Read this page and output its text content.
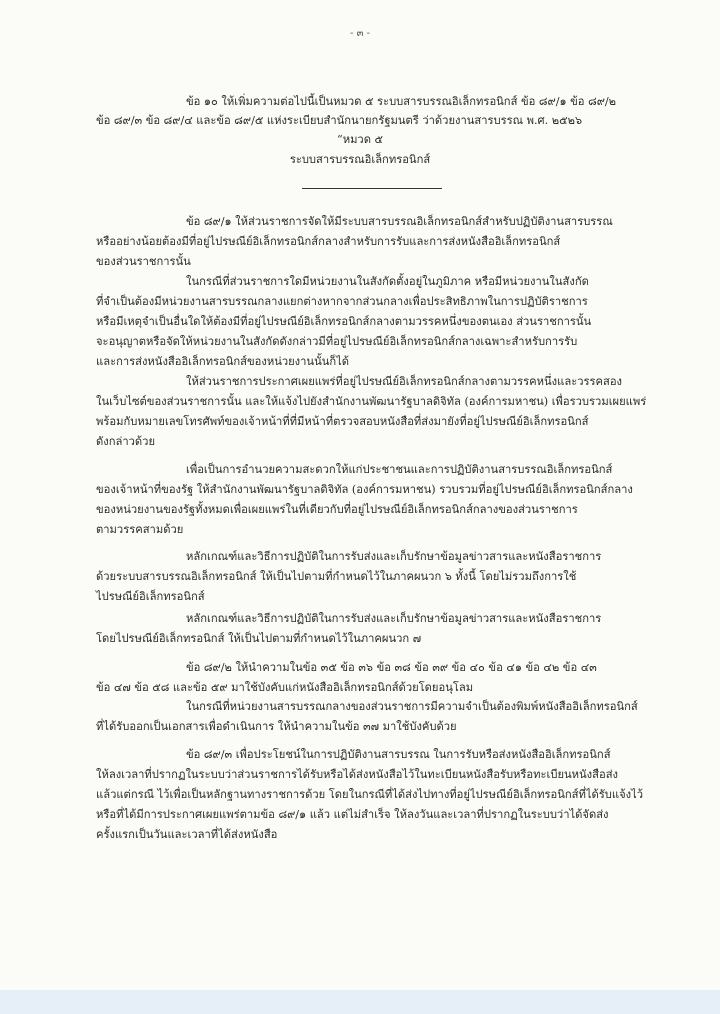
- ๓ -
ข้อ ๑๐ ให้เพิ่มความต่อไปนี้เป็นหมวด ๕ ระบบสารบรรณอิเล็กทรอนิกส์ ข้อ ๘๙/๑ ข้อ ๘๙/๒
ข้อ ๘๙/๓ ข้อ ๘๙/๔ และข้อ ๘๙/๕ แห่งระเบียบสำนักนายกรัฐมนตรี ว่าด้วยงานสารบรรณ พ.ศ. ๒๕๒๖
“หมวด ๕
ระบบสารบรรณอิเล็กทรอนิกส์
ข้อ ๘๙/๑ ให้ส่วนราชการจัดให้มีระบบสารบรรณอิเล็กทรอนิกส์สำหรับปฏิบัติงานสารบรรณ
หรืออย่างน้อยต้องมีที่อยู่ไปรษณีย์อิเล็กทรอนิกส์กลางสำหรับการรับและการส่งหนังสืออิเล็กทรอนิกส์
ของส่วนราชการนั้น
ในกรณีที่ส่วนราชการใดมีหน่วยงานในสังกัดตั้งอยู่ในภูมิภาค หรือมีหน่วยงานในสังกัด
ที่จำเป็นต้องมีหน่วยงานสารบรรณกลางแยกต่างหากจากส่วนกลางเพื่อประสิทธิภาพในการปฏิบัติราชการ
หรือมีเหตุจำเป็นอื่นใดให้ต้องมีที่อยู่ไปรษณีย์อิเล็กทรอนิกส์กลางตามวรรคหนึ่งของตนเอง ส่วนราชการนั้น
จะอนุญาตหรือจัดให้หน่วยงานในสังกัดดังกล่าวมีที่อยู่ไปรษณีย์อิเล็กทรอนิกส์กลางเฉพาะสำหรับการรับ
และการส่งหนังสืออิเล็กทรอนิกส์ของหน่วยงานนั้นก็ได้
ให้ส่วนราชการประกาศเผยแพร่ที่อยู่ไปรษณีย์อิเล็กทรอนิกส์กลางตามวรรคหนึ่งและวรรคสอง
ในเว็บไซต์ของส่วนราชการนั้น และให้แจ้งไปยังสำนักงานพัฒนารัฐบาลดิจิทัล (องค์การมหาชน) เพื่อรวบรวมเผยแพร่
พร้อมกับหมายเลขโทรศัพท์ของเจ้าหน้าที่ที่มีหน้าที่ตรวจสอบหนังสือที่ส่งมายังที่อยู่ไปรษณีย์อิเล็กทรอนิกส์
ดังกล่าวด้วย
เพื่อเป็นการอำนวยความสะดวกให้แก่ประชาชนและการปฏิบัติงานสารบรรณอิเล็กทรอนิกส์
ของเจ้าหน้าที่ของรัฐ ให้สำนักงานพัฒนารัฐบาลดิจิทัล (องค์การมหาชน) รวบรวมที่อยู่ไปรษณีย์อิเล็กทรอนิกส์กลาง
ของหน่วยงานของรัฐทั้งหมดเพื่อเผยแพร่ในที่เดียวกับที่อยู่ไปรษณีย์อิเล็กทรอนิกส์กลางของส่วนราชการ
ตามวรรคสามด้วย
หลักเกณฑ์และวิธีการปฏิบัติในการรับส่งและเก็บรักษาข้อมูลข่าวสารและหนังสือราชการ
ด้วยระบบสารบรรณอิเล็กทรอนิกส์ ให้เป็นไปตามที่กำหนดไว้ในภาคผนวก ๖ ทั้งนี้ โดยไม่รวมถึงการใช้
ไปรษณีย์อิเล็กทรอนิกส์
หลักเกณฑ์และวิธีการปฏิบัติในการรับส่งและเก็บรักษาข้อมูลข่าวสารและหนังสือราชการ
โดยไปรษณีย์อิเล็กทรอนิกส์ ให้เป็นไปตามที่กำหนดไว้ในภาคผนวก ๗
ข้อ ๘๙/๒ ให้นำความในข้อ ๓๕ ข้อ ๓๖ ข้อ ๓๘ ข้อ ๓๙ ข้อ ๔๐ ข้อ ๔๑ ข้อ ๔๒ ข้อ ๔๓
ข้อ ๔๗ ข้อ ๕๘ และข้อ ๕๙ มาใช้บังคับแก่หนังสืออิเล็กทรอนิกส์ด้วยโดยอนุโลม
ในกรณีที่หน่วยงานสารบรรณกลางของส่วนราชการมีความจำเป็นต้องพิมพ์หนังสืออิเล็กทรอนิกส์
ที่ได้รับออกเป็นเอกสารเพื่อดำเนินการ ให้นำความในข้อ ๓๗ มาใช้บังคับด้วย
ข้อ ๘๙/๓ เพื่อประโยชน์ในการปฏิบัติงานสารบรรณ ในการรับหรือส่งหนังสืออิเล็กทรอนิกส์
ให้ลงเวลาที่ปรากฏในระบบว่าส่วนราชการได้รับหรือได้ส่งหนังสือไว้ในทะเบียนหนังสือรับหรือทะเบียนหนังสือส่ง
แล้วแต่กรณี ไว้เพื่อเป็นหลักฐานทางราชการด้วย โดยในกรณีที่ได้ส่งไปทางที่อยู่ไปรษณีย์อิเล็กทรอนิกส์ที่ได้รับแจ้งไว้
หรือที่ได้มีการประกาศเผยแพร่ตามข้อ ๘๙/๑ แล้ว แต่ไม่สำเร็จ ให้ลงวันและเวลาที่ปรากฏในระบบว่าได้จัดส่ง
ครั้งแรกเป็นวันและเวลาที่ได้ส่งหนังสือ
